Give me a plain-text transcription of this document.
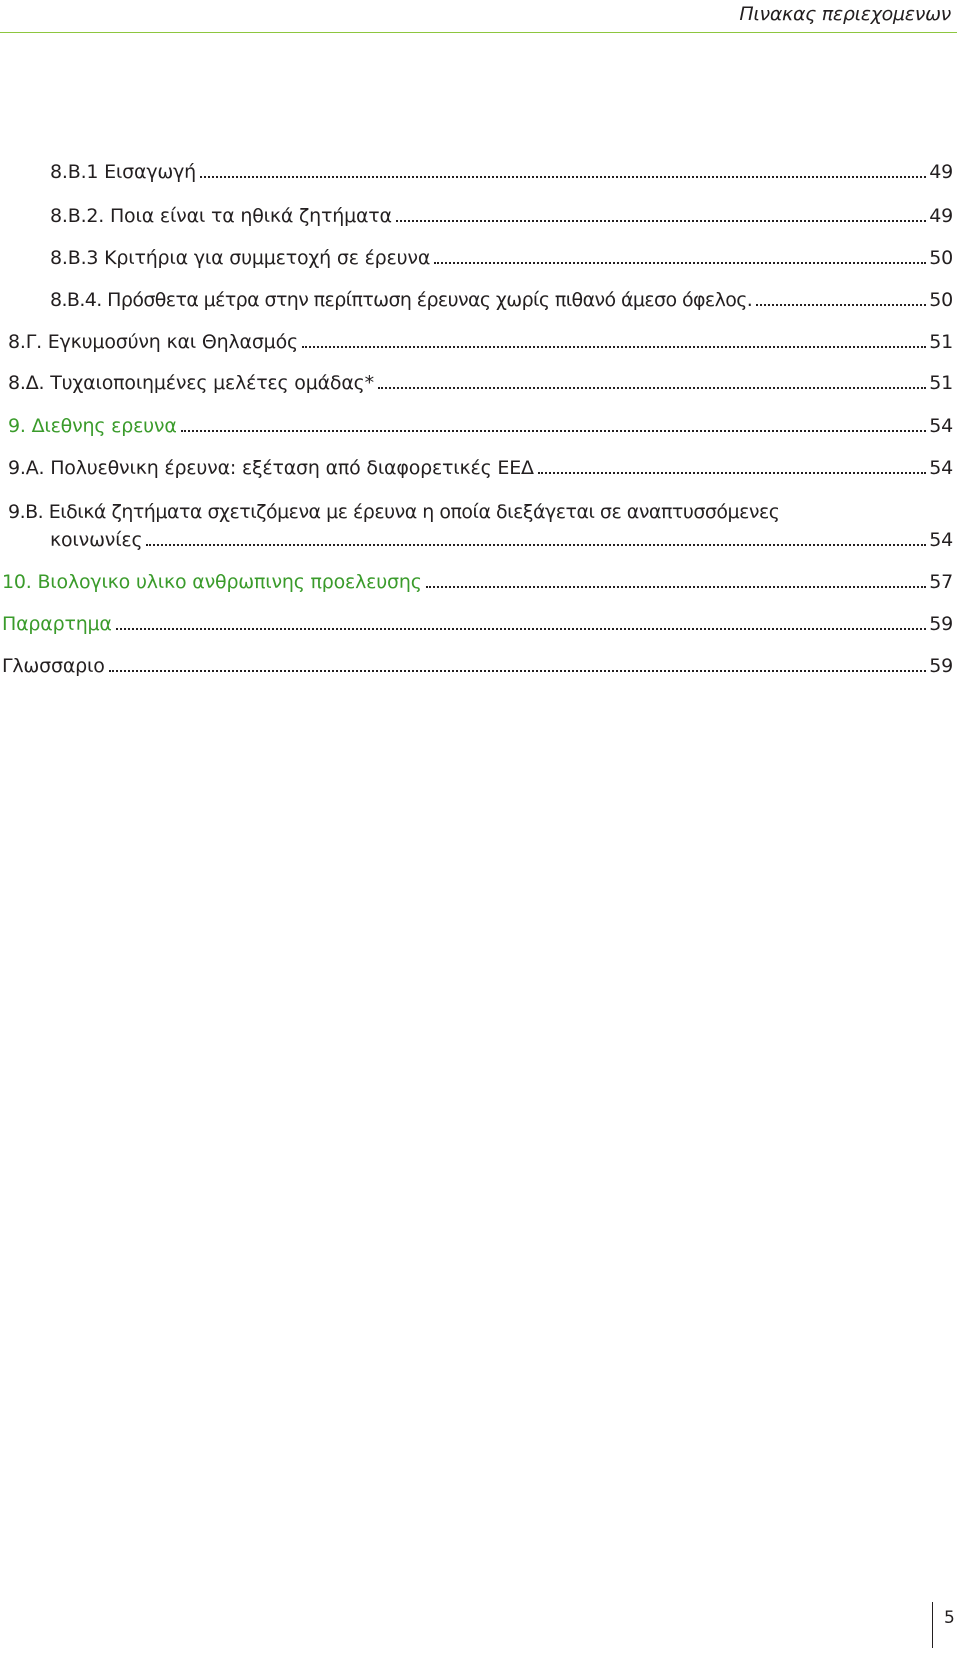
Πινακας περιεχομενων
8.Β.1 Εισαγωγή	49
8.Β.2. Ποια είναι τα ηθικά ζητήματα	49
8.Β.3 Κριτήρια για συμμετοχή σε έρευνα	50
8.Β.4. Πρόσθετα μέτρα στην περίπτωση έρευνας χωρίς πιθανό άμεσο όφελος.	50
8.Γ. Εγκυμοσύνη και Θηλασμός	51
8.Δ. Τυχαιοποιημένες μελέτες ομάδας*	51
9. Διεθνης ερευνα	54
9.Α. Πολυεθνικη έρευνα: εξέταση από διαφορετικές ΕΕΔ	54
9.Β. Ειδικά ζητήματα σχετιζόμενα με έρευνα η οποία διεξάγεται σε αναπτυσσόμενες
κοινωνίες	54
10. Βιολογικο υλικο ανθρωπινης προελευσης	57
Παραρτημα	59
Γλωσσαριο	59
5
